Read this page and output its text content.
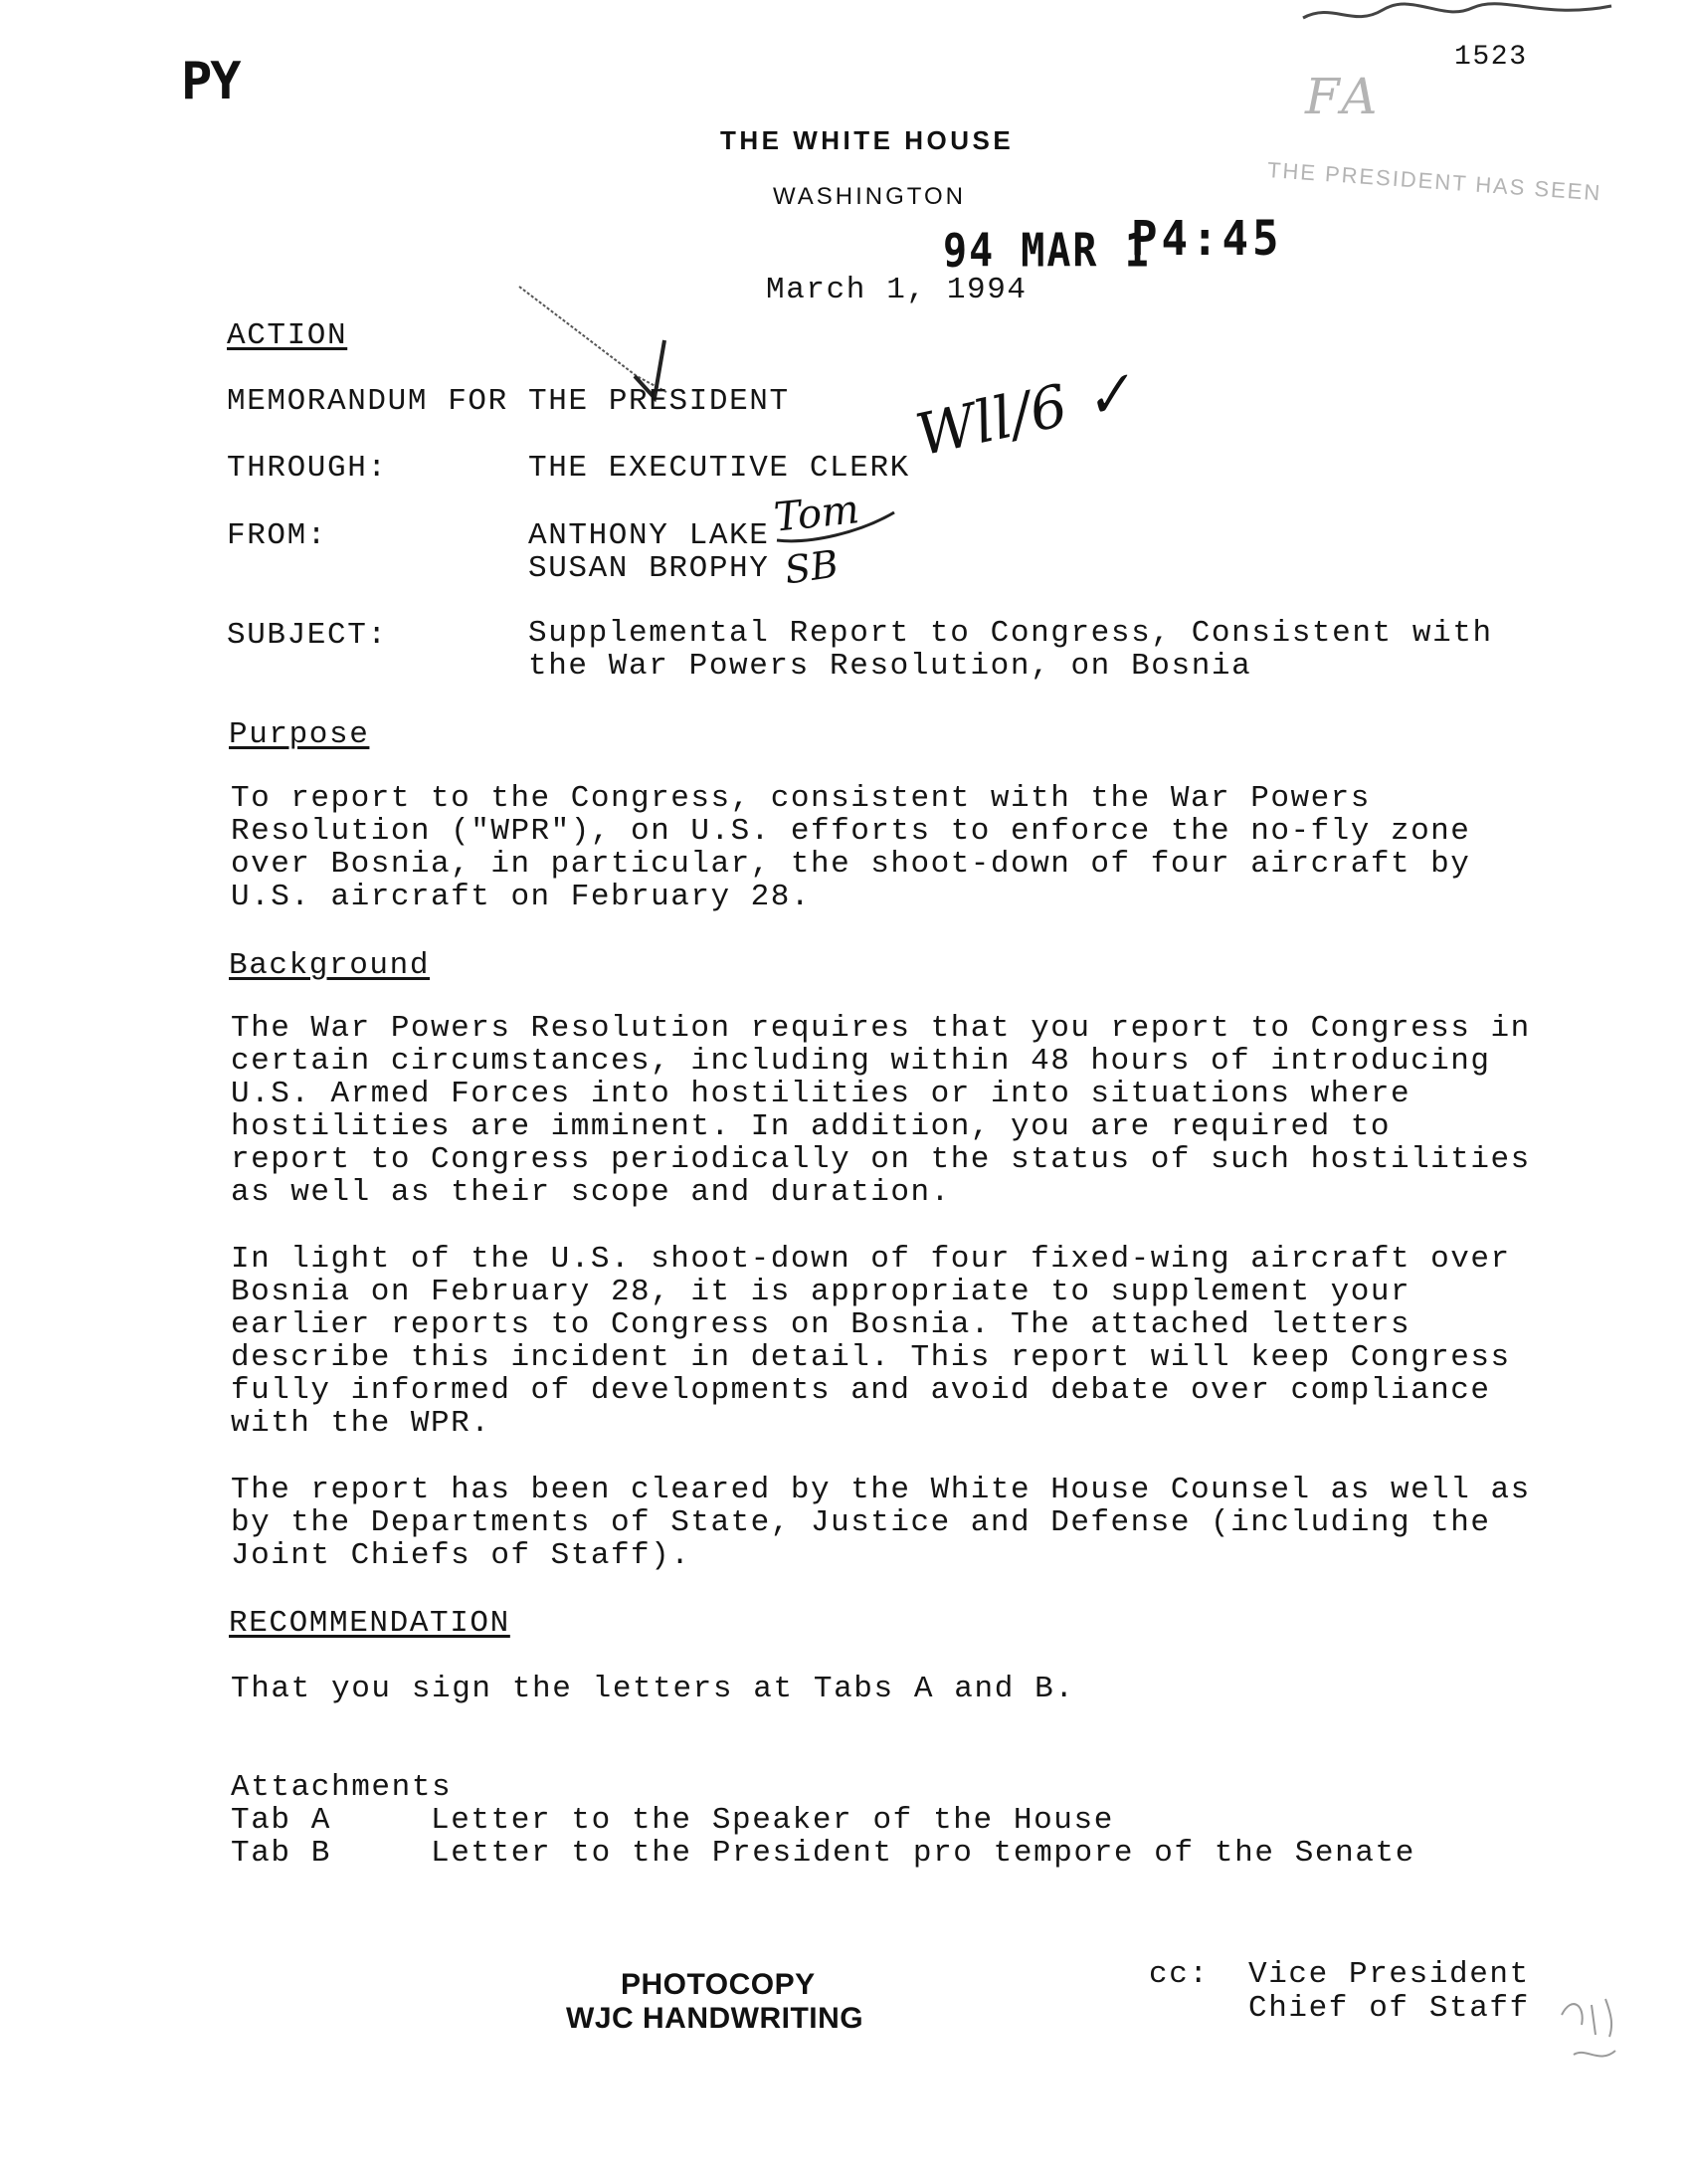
PY	1523
FA
THE PRESIDENT HAS SEEN
THE WHITE HOUSE
WASHINGTON
94 MAR 1
P4:45
March 1, 1994
ACTION
MEMORANDUM FOR THE PRESIDENT
THROUGH:	THE EXECUTIVE CLERK Wll/6 ✓
FROM:	ANTHONY LAKE Tom
SUSAN BROPHY SB
SUBJECT:	Supplemental Report to Congress, Consistent with
the War Powers Resolution, on Bosnia
Purpose
To report to the Congress, consistent with the War Powers
Resolution ("WPR"), on U.S. efforts to enforce the no-fly zone
over Bosnia, in particular, the shoot-down of four aircraft by
U.S. aircraft on February 28.
Background
The War Powers Resolution requires that you report to Congress in
certain circumstances, including within 48 hours of introducing
U.S. Armed Forces into hostilities or into situations where
hostilities are imminent. In addition, you are required to
report to Congress periodically on the status of such hostilities
as well as their scope and duration.
In light of the U.S. shoot-down of four fixed-wing aircraft over
Bosnia on February 28, it is appropriate to supplement your
earlier reports to Congress on Bosnia. The attached letters
describe this incident in detail. This report will keep Congress
fully informed of developments and avoid debate over compliance
with the WPR.
The report has been cleared by the White House Counsel as well as
by the Departments of State, Justice and Defense (including the
Joint Chiefs of Staff).
RECOMMENDATION
That you sign the letters at Tabs A and B.
Attachments
Tab A	Letter to the Speaker of the House
Tab B	Letter to the President pro tempore of the Senate
PHOTOCOPY
WJC HANDWRITING
cc: Vice President
Chief of Staff
